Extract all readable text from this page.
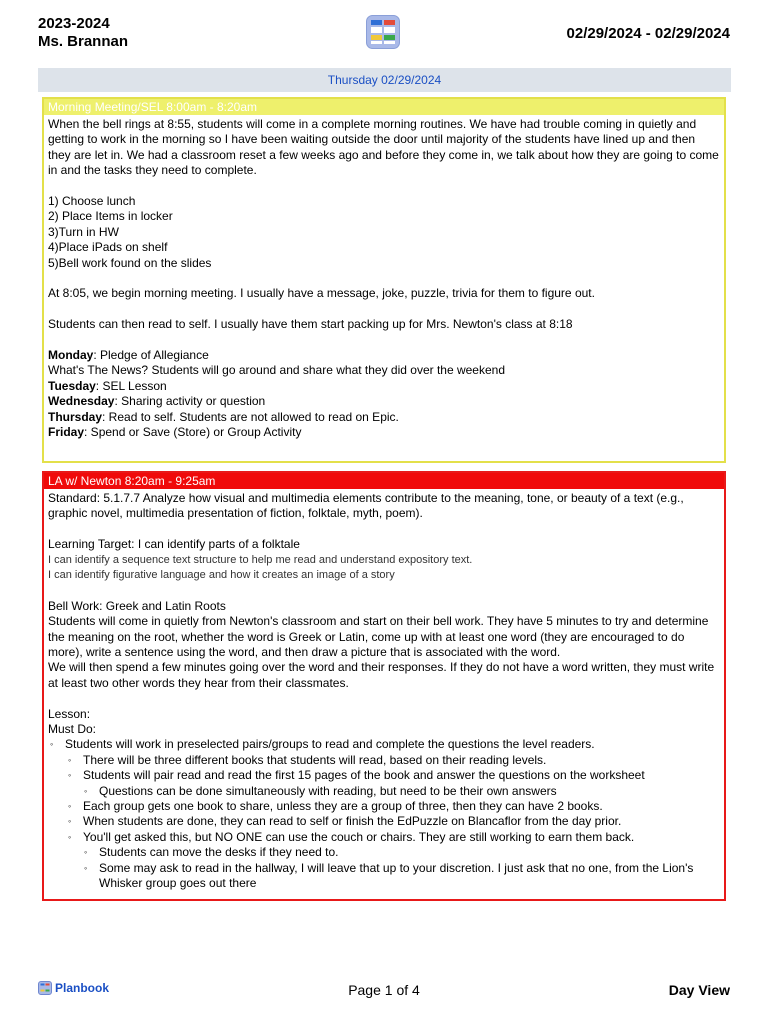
2023-2024
Ms. Brannan	02/29/2024 - 02/29/2024
Thursday 02/29/2024
Morning Meeting/SEL 8:00am - 8:20am

When the bell rings at 8:55, students will come in a complete morning routines. We have had trouble coming in quietly and getting to work in the morning so I have been waiting outside the door until majority of the students have lined up and then they are let in. We had a classroom reset a few weeks ago and before they come in, we talk about how they are going to come in and the tasks they need to complete.

1) Choose lunch

2) Place Items in locker

3)Turn in HW

4)Place iPads on shelf

5)Bell work found on the slides

At 8:05, we begin morning meeting. I usually have a message, joke, puzzle, trivia for them to figure out.

Students can then read to self. I usually have them start packing up for Mrs. Newton's class at 8:18

Monday: Pledge of Allegiance

What's The News? Students will go around and share what they did over the weekend

Tuesday: SEL Lesson

Wednesday: Sharing activity or question

Thursday: Read to self. Students are not allowed to read on Epic.

Friday: Spend or Save (Store) or Group Activity

LA w/ Newton 8:20am - 9:25am

Standard: 5.1.7.7 Analyze how visual and multimedia elements contribute to the meaning, tone, or beauty of a text (e.g., graphic novel, multimedia presentation of fiction, folktale, myth, poem).

Learning Target: I can identify parts of a folktale

I can identify a sequence text structure to help me read and understand expository text.

I can identify figurative language and how it creates an image of a story

Bell Work: Greek and Latin Roots

Students will come in quietly from Newton's classroom and start on their bell work. They have 5 minutes to try and determine the meaning on the root, whether the word is Greek or Latin, come up with at least one word (they are encouraged to do more), write a sentence using the word, and then draw a picture that is associated with the word.

We will then spend a few minutes going over the word and their responses. If they do not have a word written, they must write at least two other words they hear from their classmates.

Lesson:

Must Do:

◦ Students will work in preselected pairs/groups to read and complete the questions the level readers.
◦ There will be three different books that students will read, based on their reading levels.
◦ Students will pair read and read the first 15 pages of the book and answer the questions on the worksheet
◦ Questions can be done simultaneously with reading, but need to be their own answers
◦ Each group gets one book to share, unless they are a group of three, then they can have 2 books.
◦ When students are done, they can read to self or finish the EdPuzzle on Blancaflor from the day prior.
◦ You'll get asked this, but NO ONE can use the couch or chairs. They are still working to earn them back.
◦ Students can move the desks if they need to.
◦ Some may ask to read in the hallway, I will leave that up to your discretion. I just ask that no one, from the Lion's Whisker group goes out there
Planbook	Page 1 of 4	Day View
